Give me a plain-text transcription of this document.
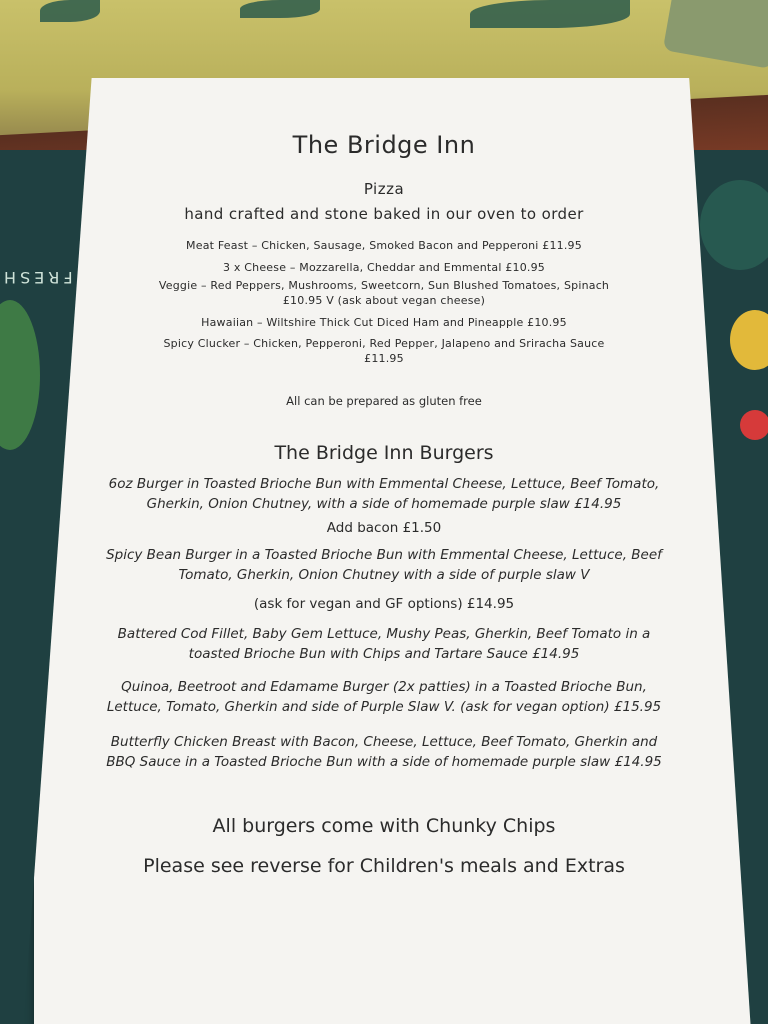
FRESH
The Bridge Inn
Pizza
hand crafted and stone baked in our oven to order
Meat Feast – Chicken, Sausage, Smoked Bacon and Pepperoni £11.95
3 x Cheese – Mozzarella, Cheddar and Emmental £10.95
Veggie – Red Peppers, Mushrooms, Sweetcorn, Sun Blushed Tomatoes, Spinach
£10.95 V (ask about vegan cheese)
Hawaiian – Wiltshire Thick Cut Diced Ham and Pineapple £10.95
Spicy Clucker – Chicken, Pepperoni, Red Pepper, Jalapeno and Sriracha Sauce
£11.95
All can be prepared as gluten free
The Bridge Inn Burgers
6oz Burger in Toasted Brioche Bun with Emmental Cheese, Lettuce, Beef Tomato,
Gherkin, Onion Chutney, with a side of homemade purple slaw £14.95
Add bacon £1.50
Spicy Bean Burger in a Toasted Brioche Bun with Emmental Cheese, Lettuce, Beef
Tomato, Gherkin, Onion Chutney with a side of purple slaw V
(ask for vegan and GF options) £14.95
Battered Cod Fillet, Baby Gem Lettuce, Mushy Peas, Gherkin, Beef Tomato in a
toasted Brioche Bun with Chips and Tartare Sauce £14.95
Quinoa, Beetroot and Edamame Burger (2x patties) in a Toasted Brioche Bun,
Lettuce, Tomato, Gherkin and side of Purple Slaw V. (ask for vegan option) £15.95
Butterfly Chicken Breast with Bacon, Cheese, Lettuce, Beef Tomato, Gherkin and
BBQ Sauce in a Toasted Brioche Bun with a side of homemade purple slaw £14.95
All burgers come with Chunky Chips
Please see reverse for Children's meals and Extras
